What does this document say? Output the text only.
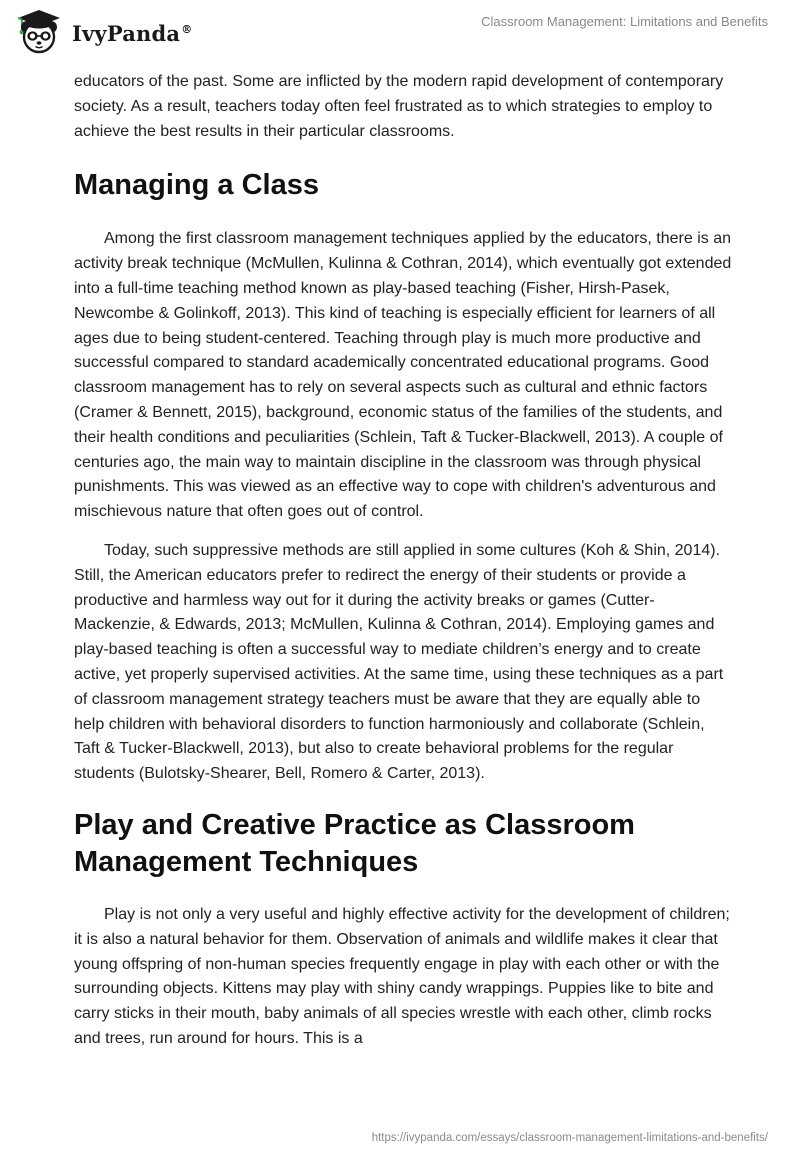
IvyPanda®	Classroom Management: Limitations and Benefits

educators of the past. Some are inflicted by the modern rapid development of contemporary society. As a result, teachers today often feel frustrated as to which strategies to employ to achieve the best results in their particular classrooms.

Managing a Class

Among the first classroom management techniques applied by the educators, there is an activity break technique (McMullen, Kulinna & Cothran, 2014), which eventually got extended into a full-time teaching method known as play-based teaching (Fisher, Hirsh-Pasek, Newcombe & Golinkoff, 2013). This kind of teaching is especially efficient for learners of all ages due to being student-centered. Teaching through play is much more productive and successful compared to standard academically concentrated educational programs. Good classroom management has to rely on several aspects such as cultural and ethnic factors (Cramer & Bennett, 2015), background, economic status of the families of the students, and their health conditions and peculiarities (Schlein, Taft & Tucker-Blackwell, 2013). A couple of centuries ago, the main way to maintain discipline in the classroom was through physical punishments. This was viewed as an effective way to cope with children's adventurous and mischievous nature that often goes out of control.

Today, such suppressive methods are still applied in some cultures (Koh & Shin, 2014). Still, the American educators prefer to redirect the energy of their students or provide a productive and harmless way out for it during the activity breaks or games (Cutter-Mackenzie, & Edwards, 2013; McMullen, Kulinna & Cothran, 2014). Employing games and play-based teaching is often a successful way to mediate children’s energy and to create active, yet properly supervised activities. At the same time, using these techniques as a part of classroom management strategy teachers must be aware that they are equally able to help children with behavioral disorders to function harmoniously and collaborate (Schlein, Taft & Tucker-Blackwell, 2013), but also to create behavioral problems for the regular students (Bulotsky-Shearer, Bell, Romero & Carter, 2013).

Play and Creative Practice as Classroom Management Techniques

Play is not only a very useful and highly effective activity for the development of children; it is also a natural behavior for them. Observation of animals and wildlife makes it clear that young offspring of non-human species frequently engage in play with each other or with the surrounding objects. Kittens may play with shiny candy wrappings. Puppies like to bite and carry sticks in their mouth, baby animals of all species wrestle with each other, climb rocks and trees, run around for hours. This is a

https://ivypanda.com/essays/classroom-management-limitations-and-benefits/
